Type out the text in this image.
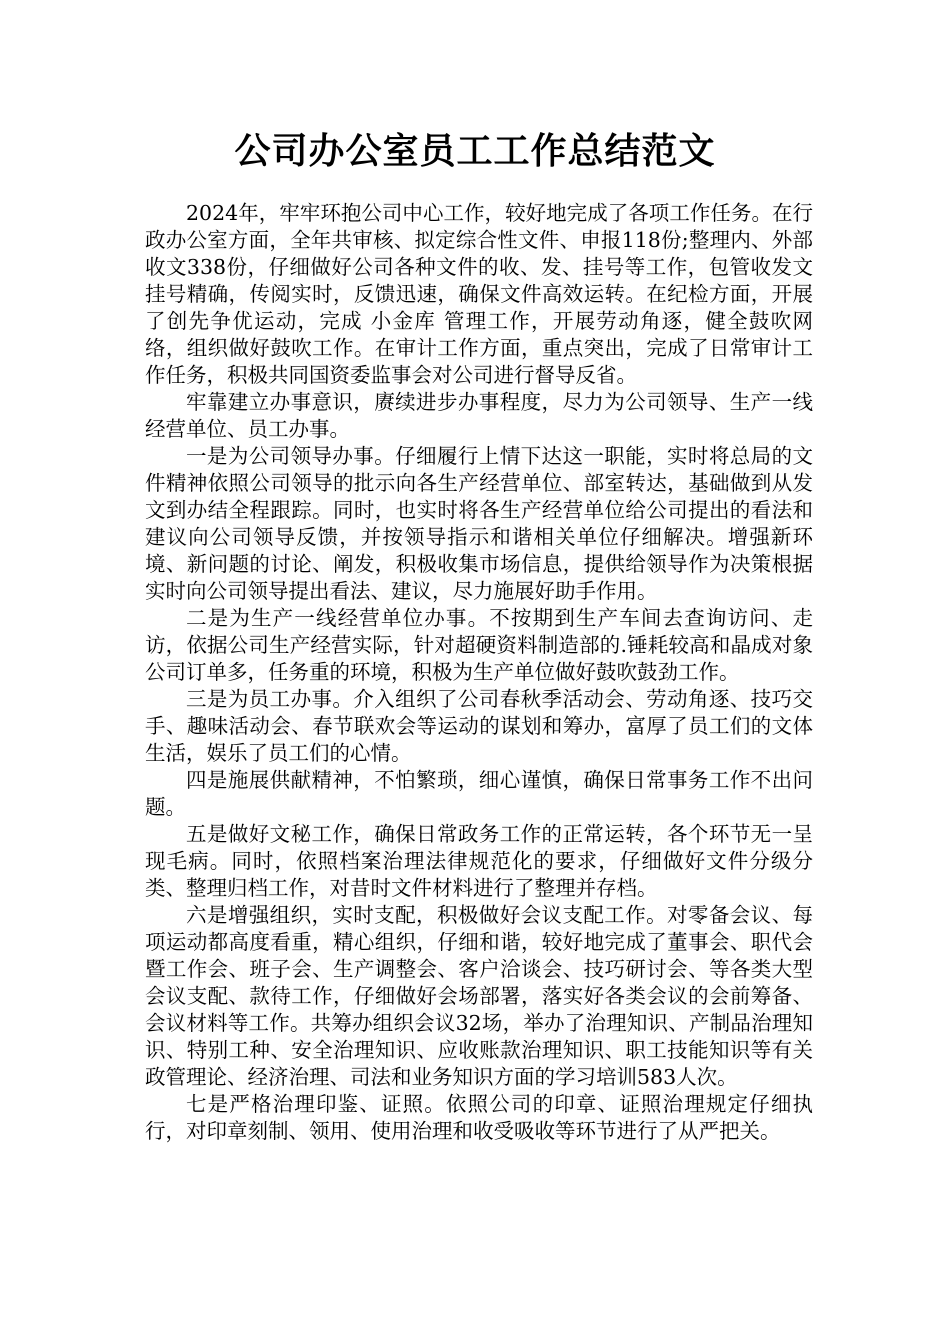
公司办公室员工工作总结范文

2024年，牢牢环抱公司中心工作，较好地完成了各项工作任务。在行政办公室方面，全年共审核、拟定综合性文件、申报118份;整理内、外部收文338份，仔细做好公司各种文件的收、发、挂号等工作，包管收发文挂号精确，传阅实时，反馈迅速，确保文件高效运转。在纪检方面，开展了创先争优运动，完成 小金库 管理工作，开展劳动角逐，健全鼓吹网络，组织做好鼓吹工作。在审计工作方面，重点突出，完成了日常审计工作任务，积极共同国资委监事会对公司进行督导反省。

牢靠建立办事意识，赓续进步办事程度，尽力为公司领导、生产一线经营单位、员工办事。

一是为公司领导办事。仔细履行上情下达这一职能，实时将总局的文件精神依照公司领导的批示向各生产经营单位、部室转达，基础做到从发文到办结全程跟踪。同时，也实时将各生产经营单位给公司提出的看法和建议向公司领导反馈，并按领导指示和谐相关单位仔细解决。增强新环境、新问题的讨论、阐发，积极收集市场信息，提供给领导作为决策根据实时向公司领导提出看法、建议，尽力施展好助手作用。

二是为生产一线经营单位办事。不按期到生产车间去查询访问、走访，依据公司生产经营实际，针对超硬资料制造部的.锤耗较高和晶成对象公司订单多，任务重的环境，积极为生产单位做好鼓吹鼓劲工作。

三是为员工办事。介入组织了公司春秋季活动会、劳动角逐、技巧交手、趣味活动会、春节联欢会等运动的谋划和筹办，富厚了员工们的文体生活，娱乐了员工们的心情。

四是施展供献精神，不怕繁琐，细心谨慎，确保日常事务工作不出问题。

五是做好文秘工作，确保日常政务工作的正常运转，各个环节无一呈现毛病。同时，依照档案治理法律规范化的要求，仔细做好文件分级分类、整理归档工作，对昔时文件材料进行了整理并存档。

六是增强组织，实时支配，积极做好会议支配工作。对零备会议、每项运动都高度看重，精心组织，仔细和谐，较好地完成了董事会、职代会暨工作会、班子会、生产调整会、客户洽谈会、技巧研讨会、等各类大型会议支配、款待工作，仔细做好会场部署，落实好各类会议的会前筹备、会议材料等工作。共筹办组织会议32场，举办了治理知识、产制品治理知识、特别工种、安全治理知识、应收账款治理知识、职工技能知识等有关政管理论、经济治理、司法和业务知识方面的学习培训583人次。

七是严格治理印鉴、证照。依照公司的印章、证照治理规定仔细执行，对印章刻制、领用、使用治理和收受吸收等环节进行了从严把关。
